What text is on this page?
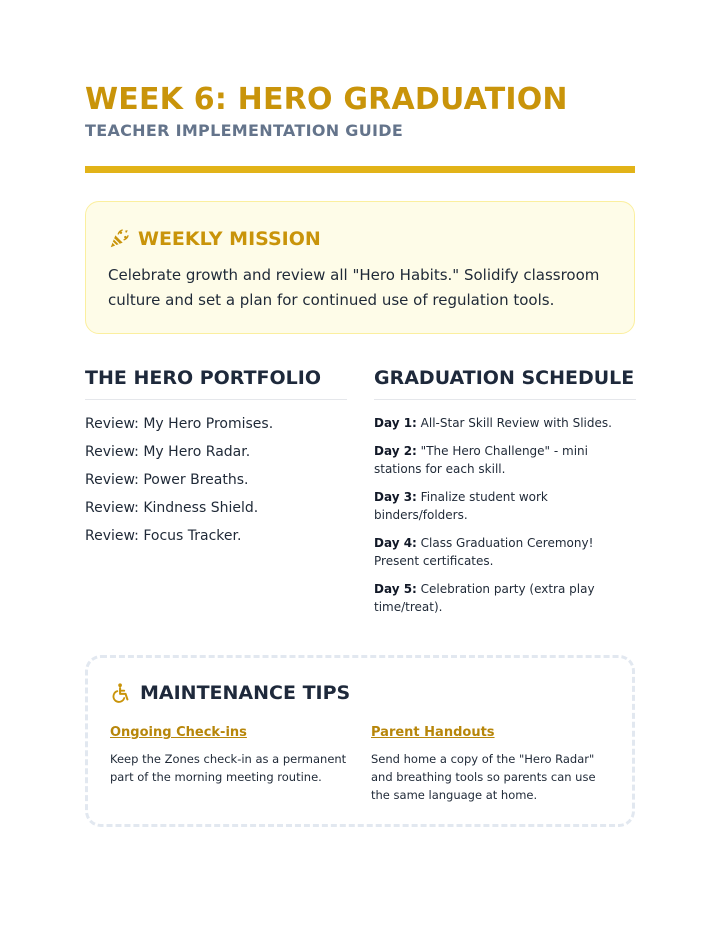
WEEK 6: HERO GRADUATION
TEACHER IMPLEMENTATION GUIDE
WEEKLY MISSION
Celebrate growth and review all "Hero Habits." Solidify classroom culture and set a plan for continued use of regulation tools.
THE HERO PORTFOLIO
Review: My Hero Promises.
Review: My Hero Radar.
Review: Power Breaths.
Review: Kindness Shield.
Review: Focus Tracker.
GRADUATION SCHEDULE
Day 1: All-Star Skill Review with Slides.
Day 2: "The Hero Challenge" - mini stations for each skill.
Day 3: Finalize student work binders/folders.
Day 4: Class Graduation Ceremony! Present certificates.
Day 5: Celebration party (extra play time/treat).
MAINTENANCE TIPS
Ongoing Check-ins
Keep the Zones check-in as a permanent part of the morning meeting routine.
Parent Handouts
Send home a copy of the "Hero Radar" and breathing tools so parents can use the same language at home.
